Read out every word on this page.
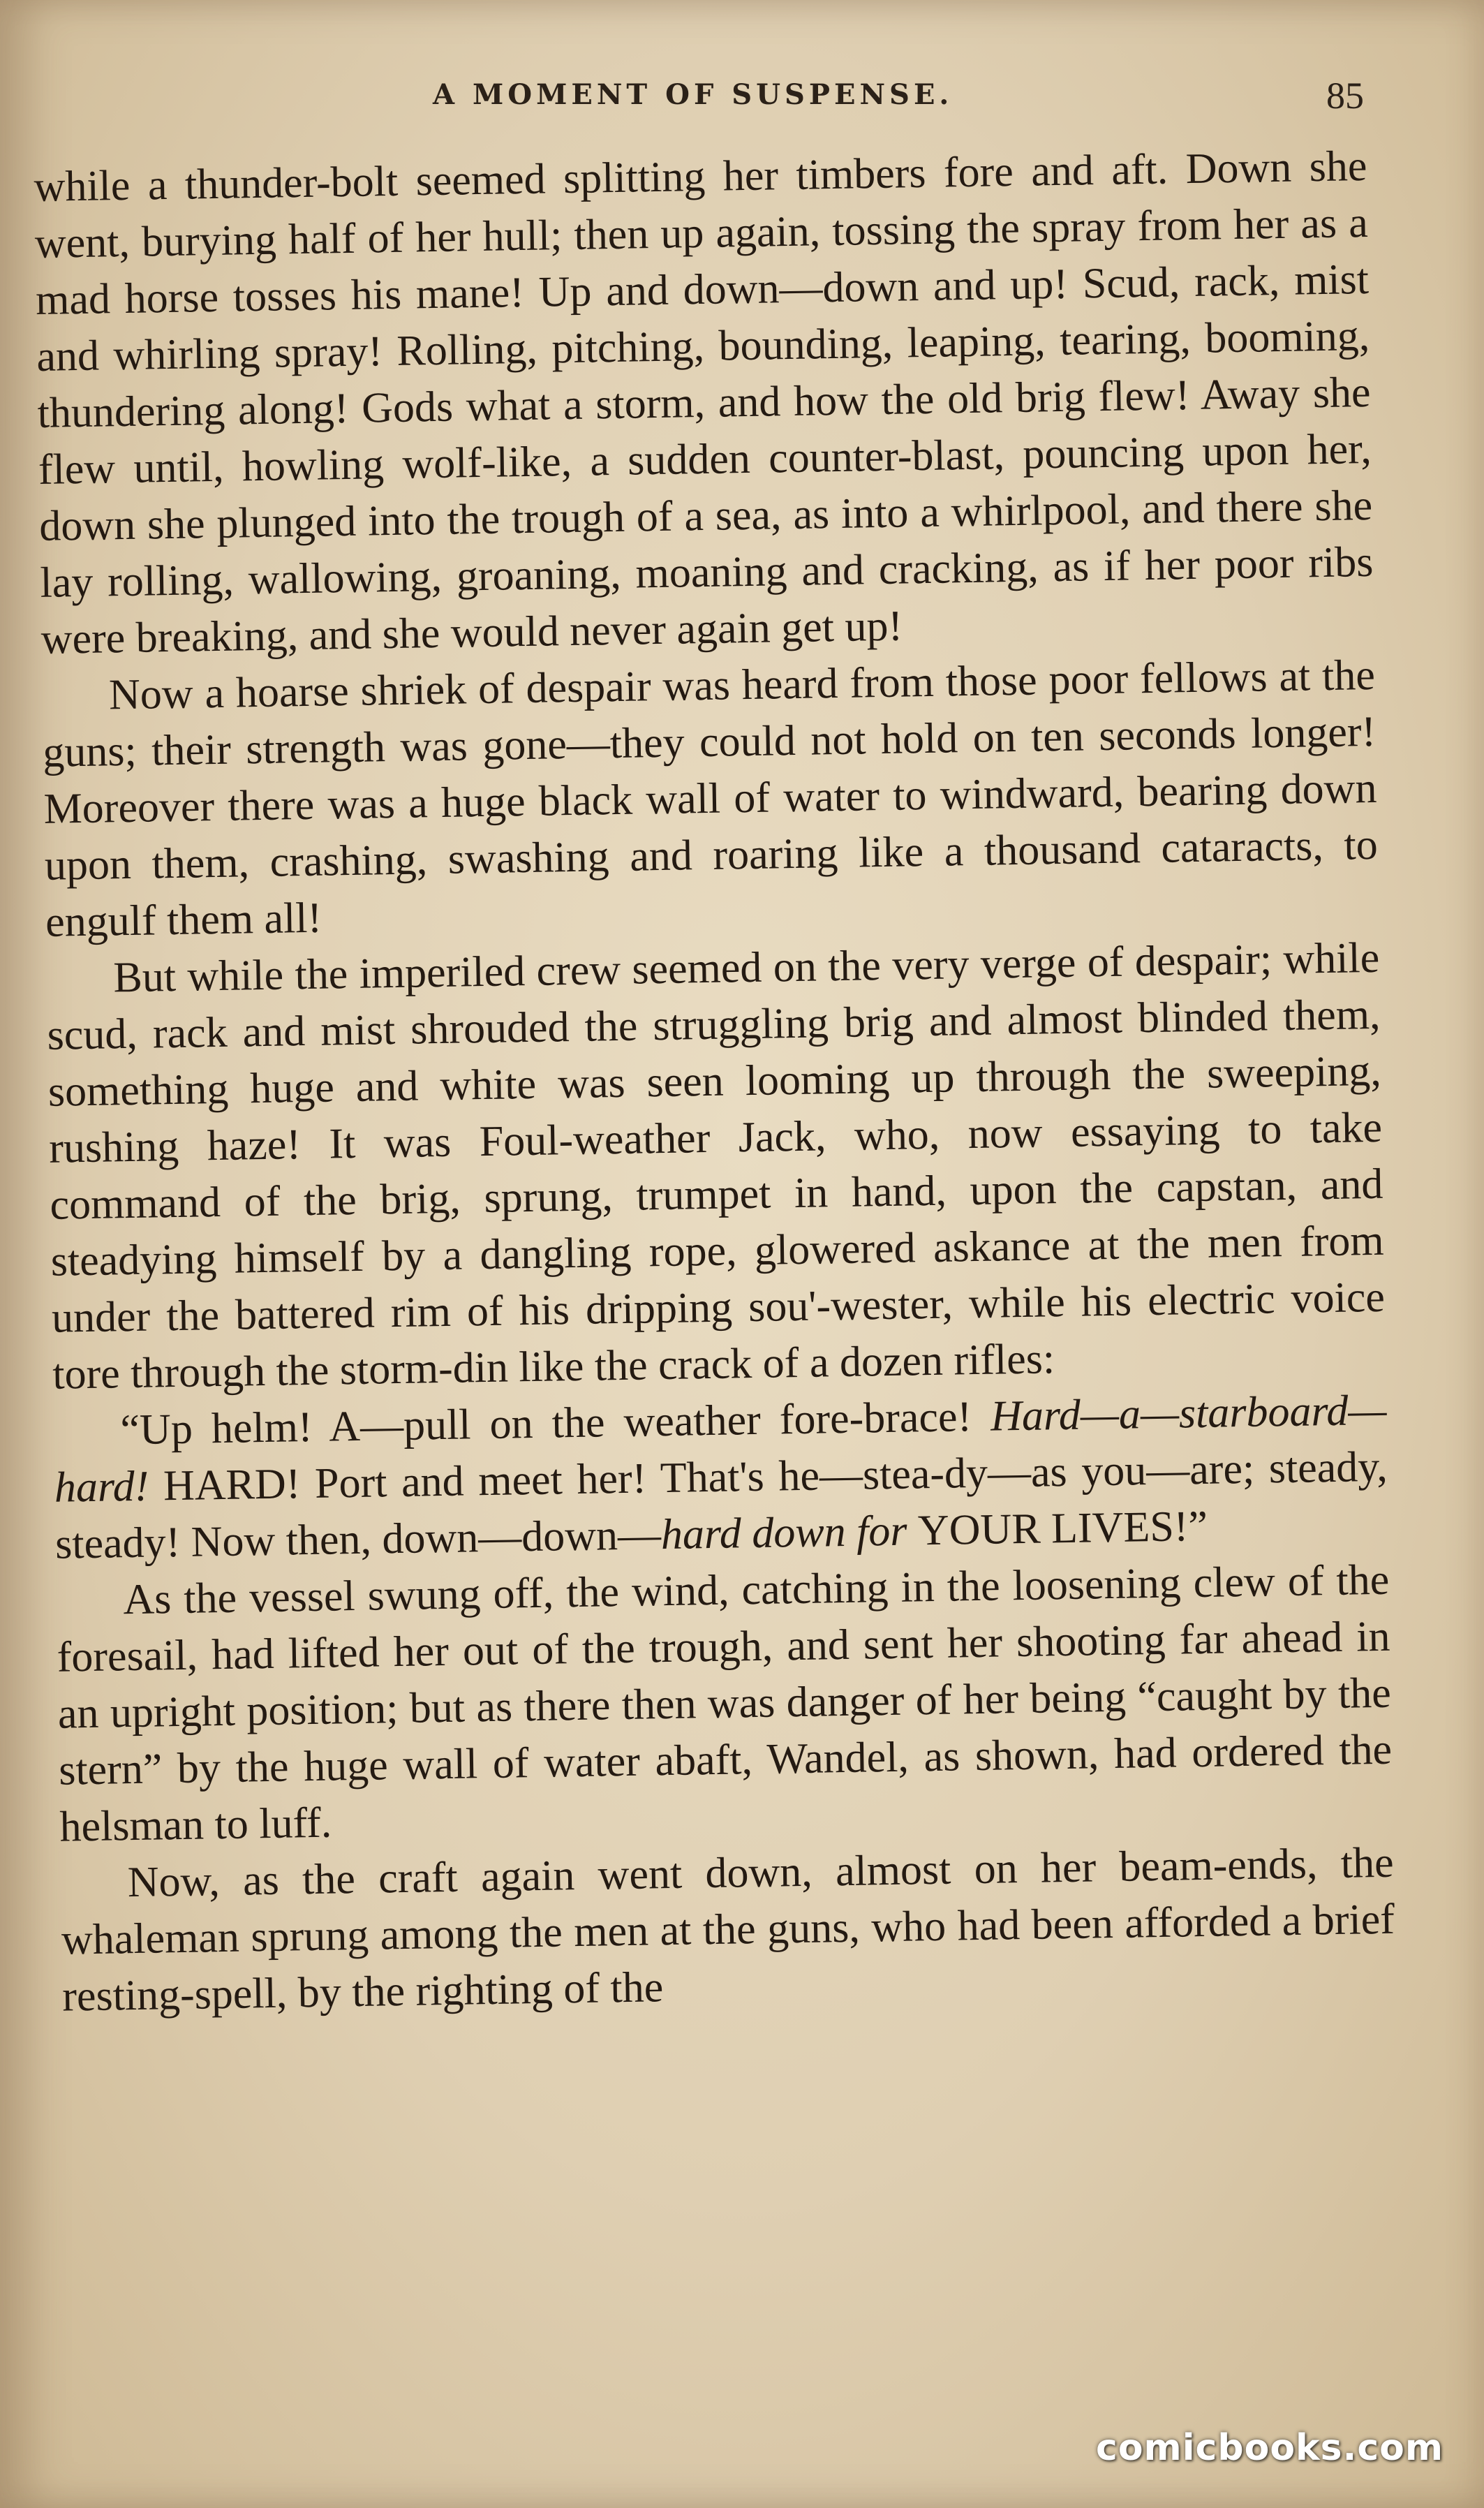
A MOMENT OF SUSPENSE.	85

while a thunder-bolt seemed splitting her timbers fore and aft. Down she went, burying half of her hull; then up again, tossing the spray from her as a mad horse tosses his mane! Up and down—down and up! Scud, rack, mist and whirling spray! Rolling, pitching, bounding, leaping, tearing, booming, thundering along! Gods what a storm, and how the old brig flew! Away she flew until, howling wolf-like, a sudden counter-blast, pouncing upon her, down she plunged into the trough of a sea, as into a whirlpool, and there she lay rolling, wallowing, groaning, moaning and cracking, as if her poor ribs were breaking, and she would never again get up!

Now a hoarse shriek of despair was heard from those poor fellows at the guns; their strength was gone—they could not hold on ten seconds longer! Moreover there was a huge black wall of water to windward, bearing down upon them, crashing, swashing and roaring like a thousand cataracts, to engulf them all!

But while the imperiled crew seemed on the very verge of despair; while scud, rack and mist shrouded the struggling brig and almost blinded them, something huge and white was seen looming up through the sweeping, rushing haze! It was Foul-weather Jack, who, now essaying to take command of the brig, sprung, trumpet in hand, upon the capstan, and steadying himself by a dangling rope, glowered askance at the men from under the battered rim of his dripping sou'-wester, while his electric voice tore through the storm-din like the crack of a dozen rifles:

“Up helm! A—pull on the weather fore-brace! Hard—a—starboard—hard! HARD! Port and meet her! That's he—stea-dy—as you—are; steady, steady! Now then, down—down—hard down for YOUR LIVES!”

As the vessel swung off, the wind, catching in the loosening clew of the foresail, had lifted her out of the trough, and sent her shooting far ahead in an upright position; but as there then was danger of her being “caught by the stern” by the huge wall of water abaft, Wandel, as shown, had ordered the helsman to luff.

Now, as the craft again went down, almost on her beam-ends, the whaleman sprung among the men at the guns, who had been afforded a brief resting-spell, by the righting of the

comicbooks.com
